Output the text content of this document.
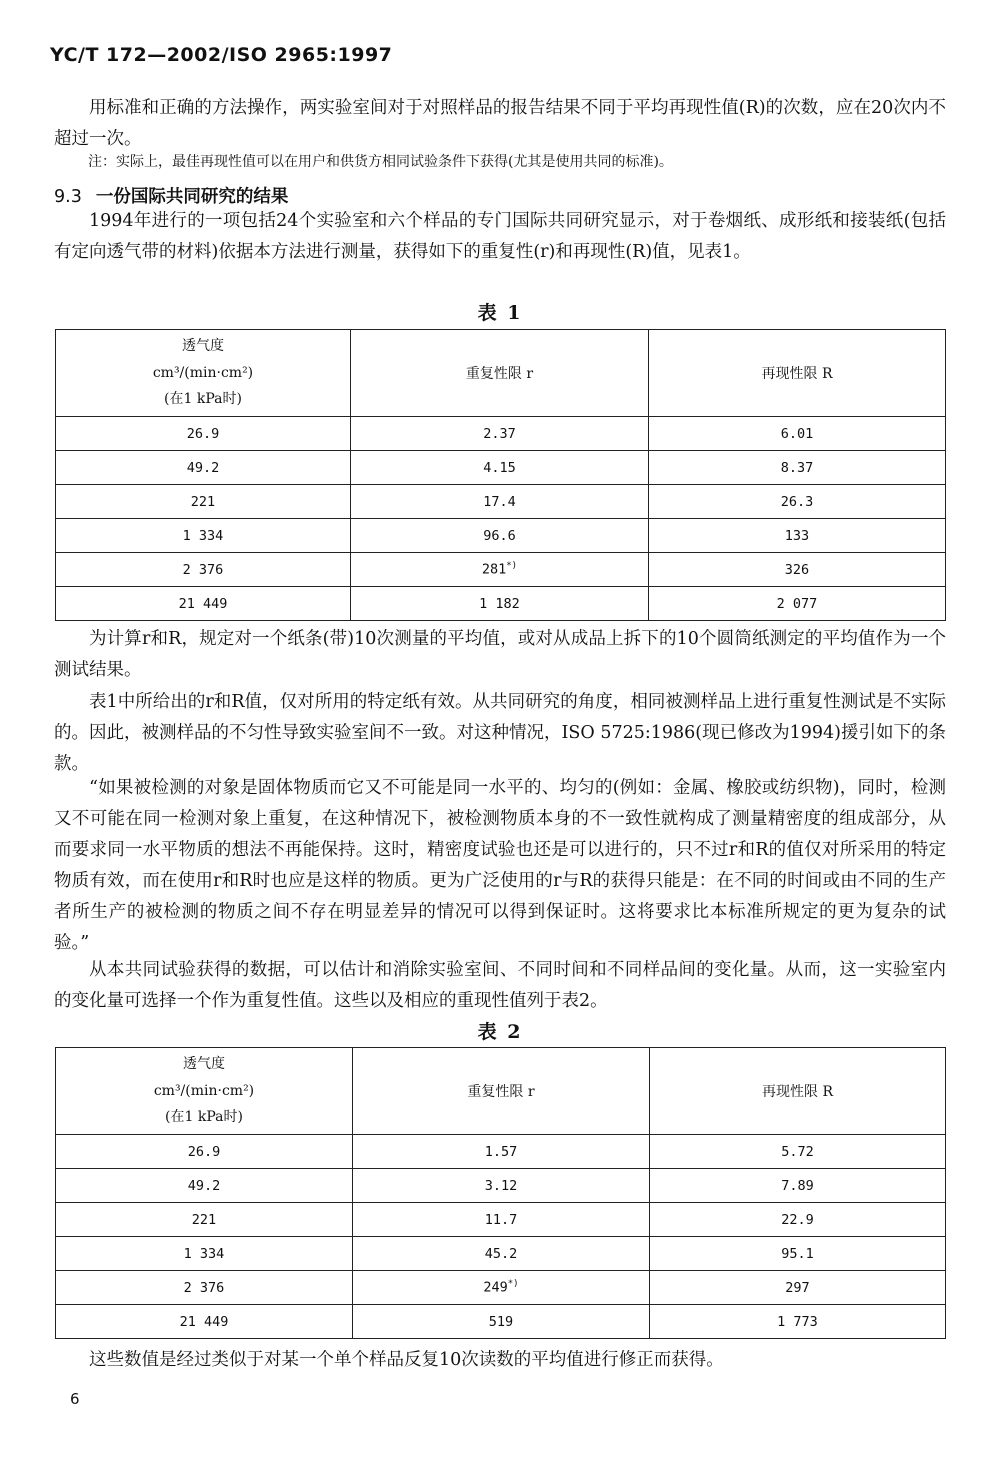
YC/T 172—2002/ISO 2965:1997

用标准和正确的方法操作，两实验室间对于对照样品的报告结果不同于平均再现性值(R)的次数，应在20次内不超过一次。

注：实际上，最佳再现性值可以在用户和供货方相同试验条件下获得(尤其是使用共同的标准)。
9.3 一份国际共同研究的结果

1994年进行的一项包括24个实验室和六个样品的专门国际共同研究显示，对于卷烟纸、成形纸和接装纸(包括有定向透气带的材料)依据本方法进行测量，获得如下的重复性(r)和再现性(R)值，见表1。

表 1
透气度
cm³/(min·cm²)
(在1 kPa时)	重复性限 r	再现性限 R
26.9	2.37	6.01
49.2	4.15	8.37
221	17.4	26.3
1 334	96.6	133
2 376	281*)	326
21 449	1 182	2 077

为计算r和R，规定对一个纸条(带)10次测量的平均值，或对从成品上拆下的10个圆筒纸测定的平均值作为一个测试结果。

表1中所给出的r和R值，仅对所用的特定纸有效。从共同研究的角度，相同被测样品上进行重复性测试是不实际的。因此，被测样品的不匀性导致实验室间不一致。对这种情况，ISO 5725:1986(现已修改为1994)援引如下的条款。

“如果被检测的对象是固体物质而它又不可能是同一水平的、均匀的(例如：金属、橡胶或纺织物)，同时，检测又不可能在同一检测对象上重复，在这种情况下，被检测物质本身的不一致性就构成了测量精密度的组成部分，从而要求同一水平物质的想法不再能保持。这时，精密度试验也还是可以进行的，只不过r和R的值仅对所采用的特定物质有效，而在使用r和R时也应是这样的物质。更为广泛使用的r与R的获得只能是：在不同的时间或由不同的生产者所生产的被检测的物质之间不存在明显差异的情况可以得到保证时。这将要求比本标准所规定的更为复杂的试验。”

从本共同试验获得的数据，可以估计和消除实验室间、不同时间和不同样品间的变化量。从而，这一实验室内的变化量可选择一个作为重复性值。这些以及相应的重现性值列于表2。

表 2
透气度
cm³/(min·cm²)
(在1 kPa时)	重复性限 r	再现性限 R
26.9	1.57	5.72
49.2	3.12	7.89
221	11.7	22.9
1 334	45.2	95.1
2 376	249*)	297
21 449	519	1 773

这些数值是经过类似于对某一个单个样品反复10次读数的平均值进行修正而获得。

6
